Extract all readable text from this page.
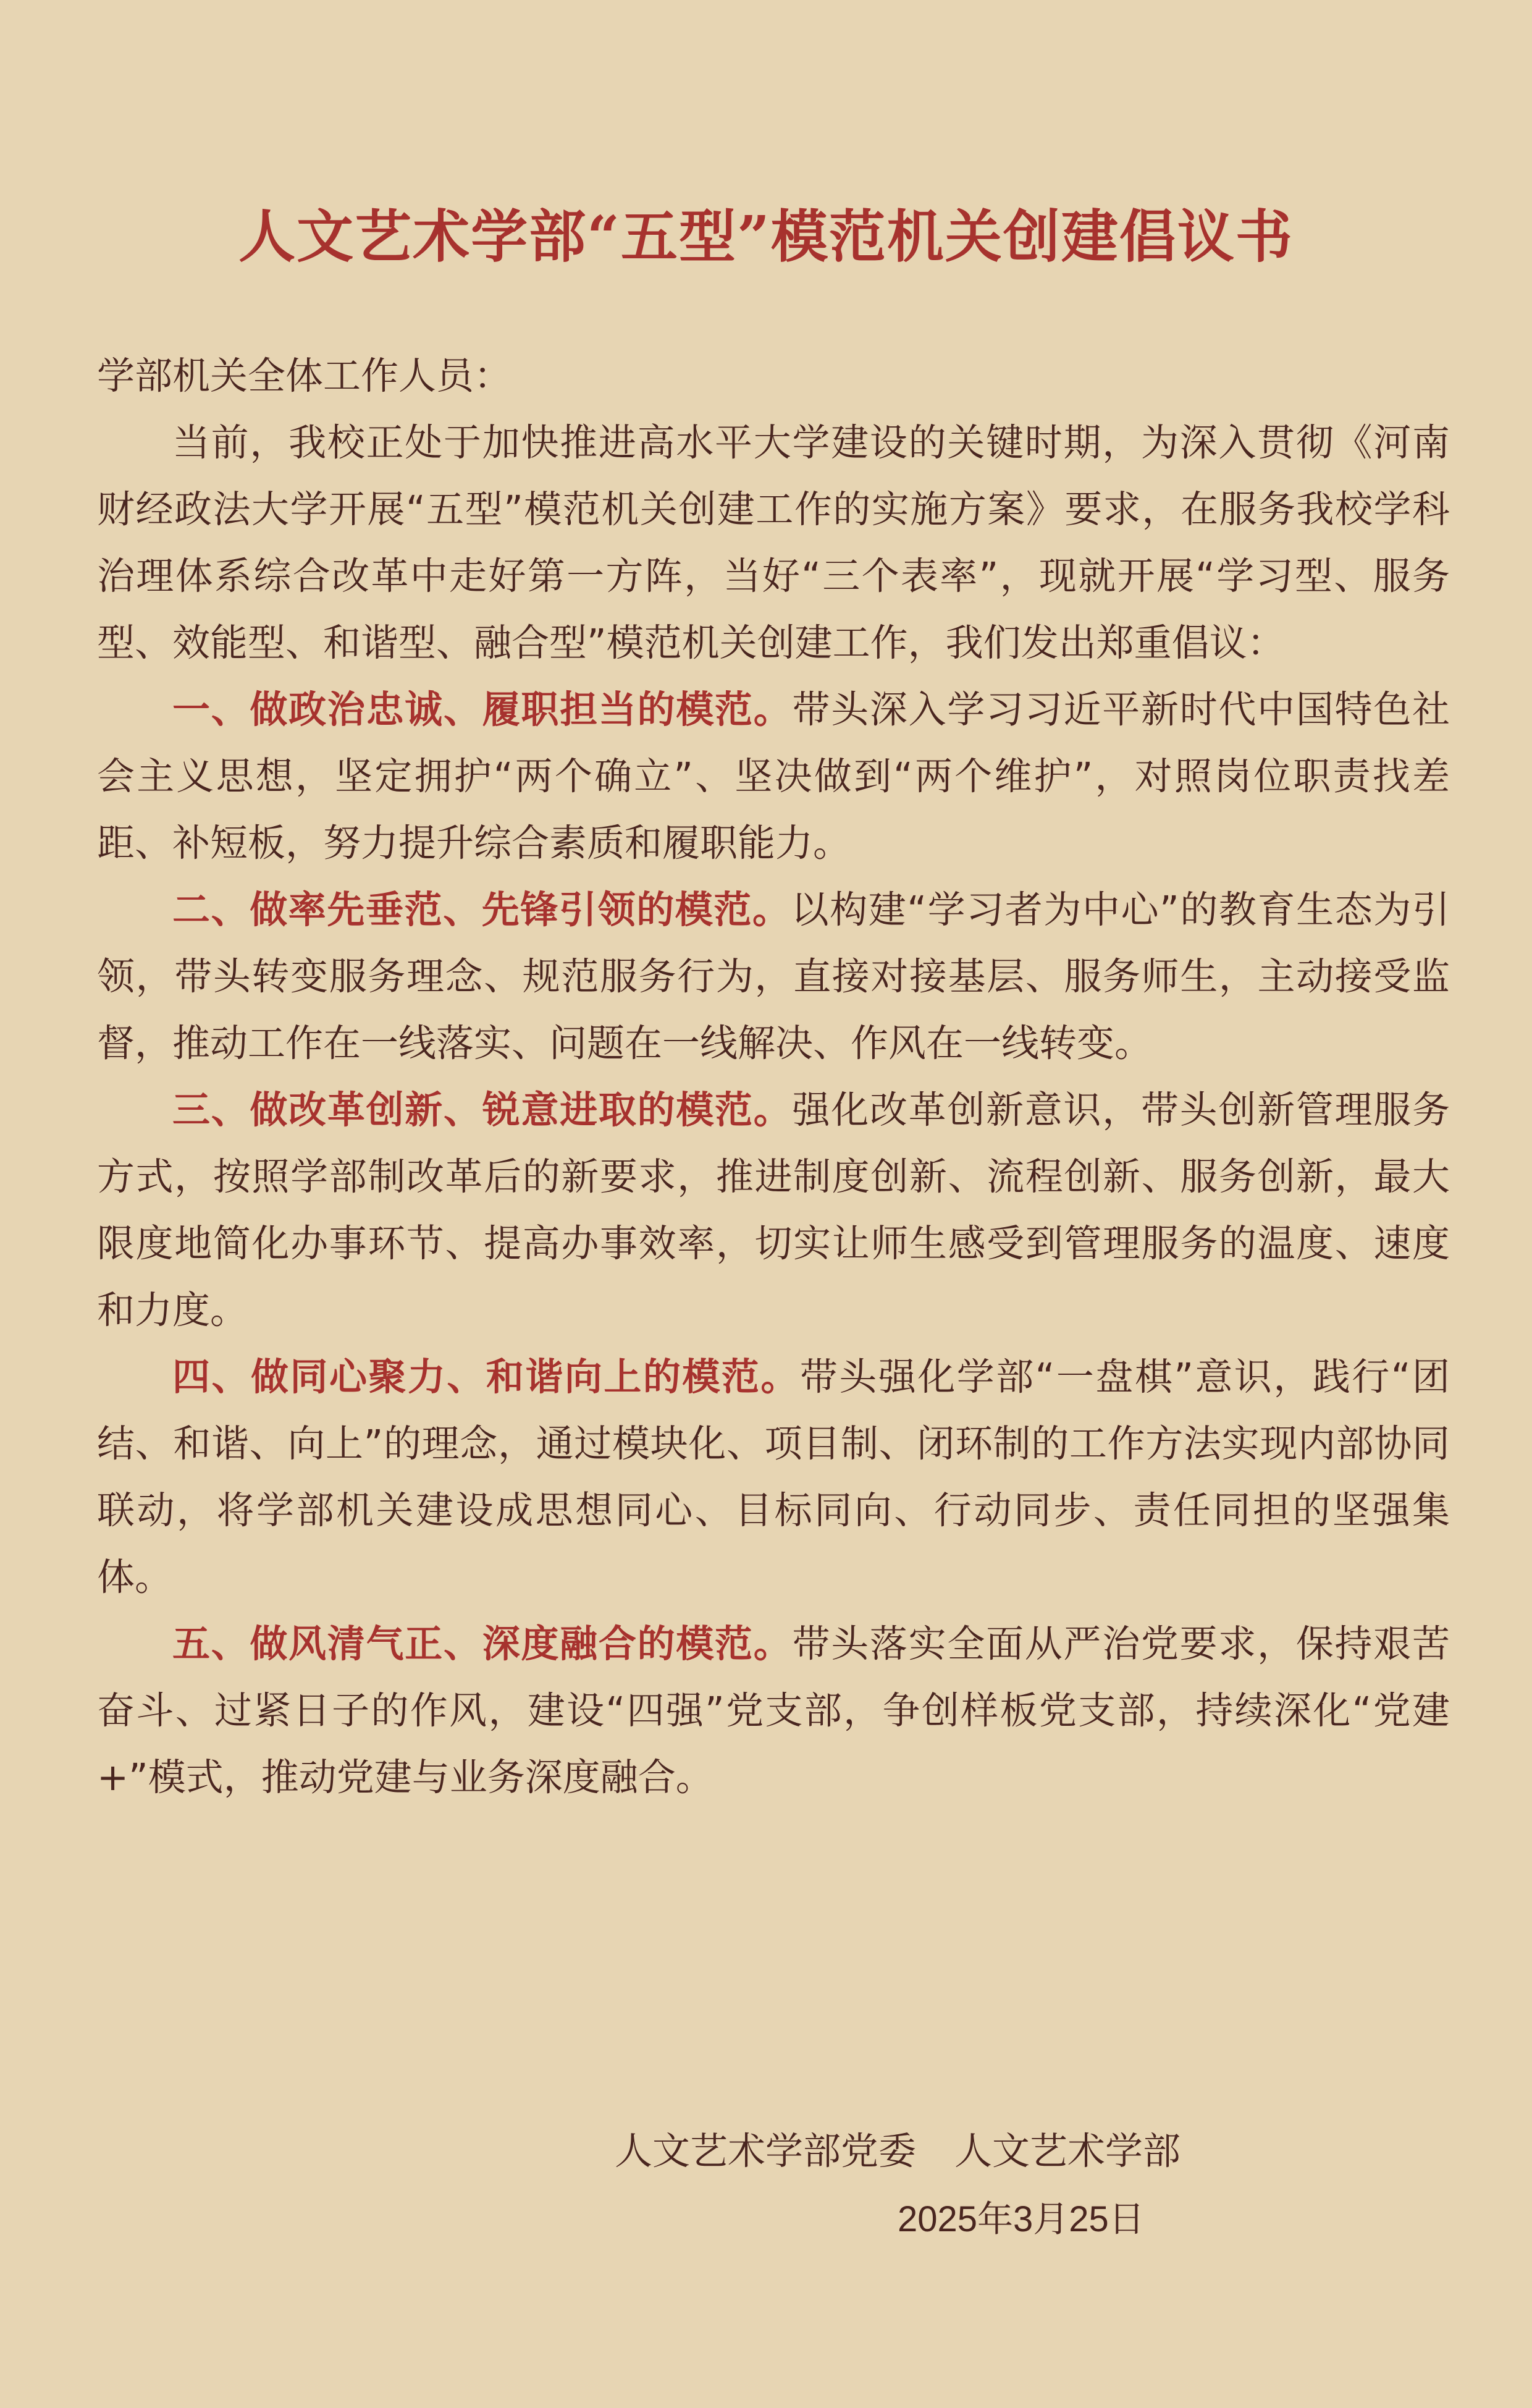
人文艺术学部“五型”模范机关创建倡议书

学部机关全体工作人员：

当前，我校正处于加快推进高水平大学建设的关键时期，为深入贯彻《河南财经政法大学开展“五型”模范机关创建工作的实施方案》要求，在服务我校学科治理体系综合改革中走好第一方阵，当好“三个表率”，现就开展“学习型、服务型、效能型、和谐型、融合型”模范机关创建工作，我们发出郑重倡议：

一、做政治忠诚、履职担当的模范。带头深入学习习近平新时代中国特色社会主义思想，坚定拥护“两个确立”、坚决做到“两个维护”，对照岗位职责找差距、补短板，努力提升综合素质和履职能力。

二、做率先垂范、先锋引领的模范。以构建“学习者为中心”的教育生态为引领，带头转变服务理念、规范服务行为，直接对接基层、服务师生，主动接受监督，推动工作在一线落实、问题在一线解决、作风在一线转变。

三、做改革创新、锐意进取的模范。强化改革创新意识，带头创新管理服务方式，按照学部制改革后的新要求，推进制度创新、流程创新、服务创新，最大限度地简化办事环节、提高办事效率，切实让师生感受到管理服务的温度、速度和力度。

四、做同心聚力、和谐向上的模范。带头强化学部“一盘棋”意识，践行“团结、和谐、向上”的理念，通过模块化、项目制、闭环制的工作方法实现内部协同联动，将学部机关建设成思想同心、目标同向、行动同步、责任同担的坚强集体。

五、做风清气正、深度融合的模范。带头落实全面从严治党要求，保持艰苦奋斗、过紧日子的作风，建设“四强”党支部，争创样板党支部，持续深化“党建+”模式，推动党建与业务深度融合。

人文艺术学部党委 人文艺术学部
2025年3月25日
